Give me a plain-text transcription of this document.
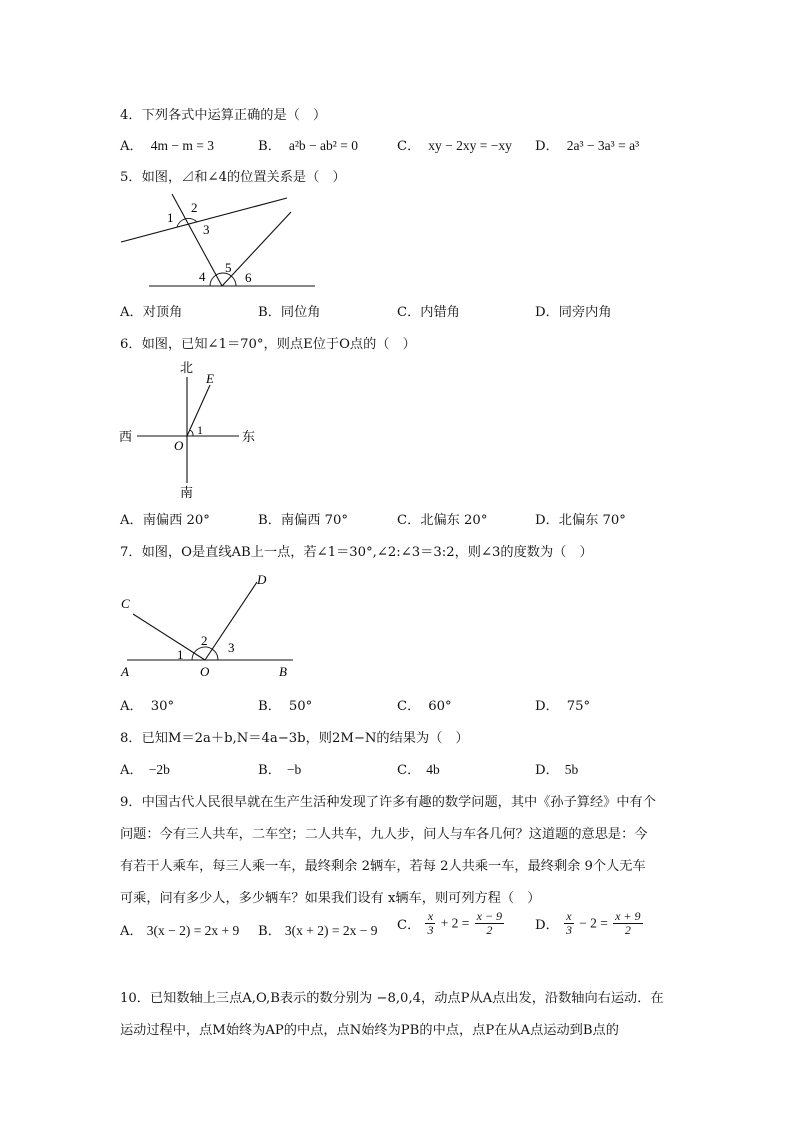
4．下列各式中运算正确的是（　）
A． 4m − m = 3	B． a²b − ab² = 0	C． xy − 2xy = −xy D． 2a³ − 3a³ = a³
5．如图，⊿和∠4的位置关系是（　）
1
2
3
4
5
6
A．对顶角	B．同位角	C．内错角	D．同旁内角
6．如图，已知∠1＝70°，则点E位于O点的（　）
北
南
西	东
E
O
1
A．南偏西 20°	B．南偏西 70°	C．北偏东 20°	D．北偏东 70°
7．如图，O是直线AB上一点，若∠1＝30°,∠2:∠3＝3:2，则∠3的度数为（　）
A	O	B
C
D
1
2 3
A． 30°	B． 50°	C． 60°	D． 75°
8．已知M＝2a＋b,N＝4a−3b，则2M−N的结果为（　）
A． −2b	B． −b	C． 4b	D． 5b
9．中国古代人民很早就在生产生活种发现了许多有趣的数学问题，其中《孙子算经》中有个
问题：今有三人共车，二车空；二人共车，九人步，问人与车各几何？这道题的意思是：今
有若干人乘车，每三人乘一车，最终剩余 2辆车，若每 2人共乘一车，最终剩余 9个人无车
可乘，问有多少人，多少辆车？如果我们设有 x辆车，则可列方程（　）
A． 3(x − 2) = 2x + 9 B． 3(x + 2) = 2x − 9 C． $\frac{x}{3} + 2 = \frac{x - 9}{2}$ D． $\frac{x}{3} - 2 = \frac{x + 9}{2}$
10．已知数轴上三点A,O,B表示的数分别为 −8,0,4，动点P从A点出发，沿数轴向右运动．在
运动过程中，点M始终为AP的中点，点N始终为PB的中点，点P在从A点运动到B点的
